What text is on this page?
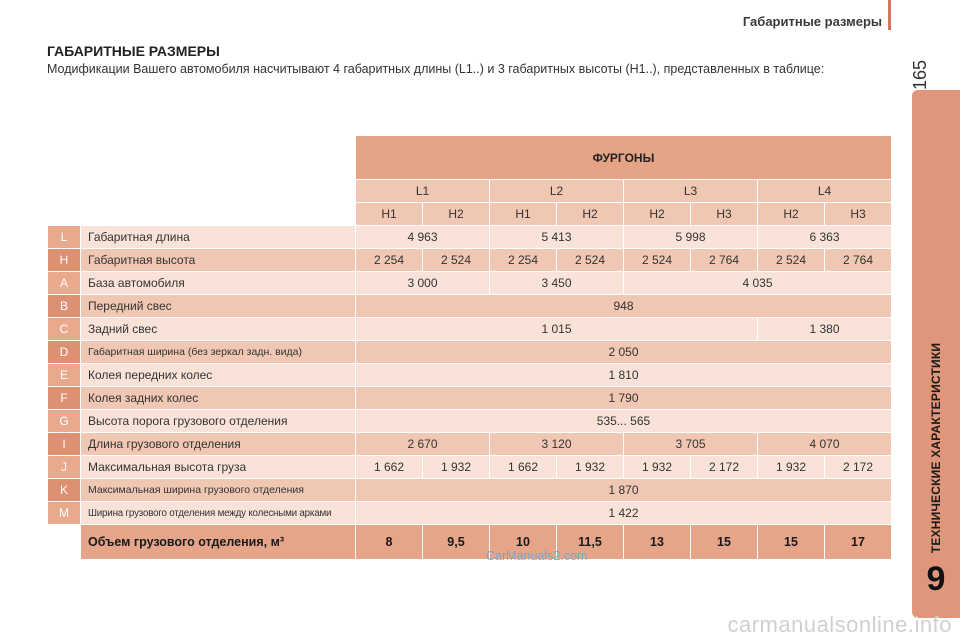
Габаритные размеры
165
ТЕХНИЧЕСКИЕ ХАРАКТЕРИСТИКИ
9
ГАБАРИТНЫЕ РАЗМЕРЫ
Модификации Вашего автомобиля насчитывают 4 габаритных длины (L1..) и 3 габаритных высоты (H1..), представленных в таблице:
		ФУРГОНЫ							
		L1		L2		L3		L4	
		H1	H2	H1	H2	H2	H3	H2	H3
L	Габаритная длина	4 963		5 413		5 998		6 363	
H	Габаритная высота	2 254	2 524	2 254	2 524	2 524	2 764	2 524	2 764
A	База автомобиля	3 000		3 450		4 035			
B	Передний свес	948							
C	Задний свес	1 015						1 380	
D	Габаритная ширина (без зеркал задн. вида)	2 050							
E	Колея передних колес	1 810							
F	Колея задних колес	1 790							
G	Высота порога грузового отделения	535... 565							
I	Длина грузового отделения	2 670		3 120		3 705		4 070	
J	Максимальная высота груза	1 662	1 932	1 662	1 932	1 932	2 172	1 932	2 172
K	Максимальная ширина грузового отделения	1 870							
M	Ширина грузового отделения между колесными арками	1 422							
	Объем грузового отделения, м³	8	9,5	10	11,5	13	15	15	17
CarManuals2.com
carmanualsonline.info
